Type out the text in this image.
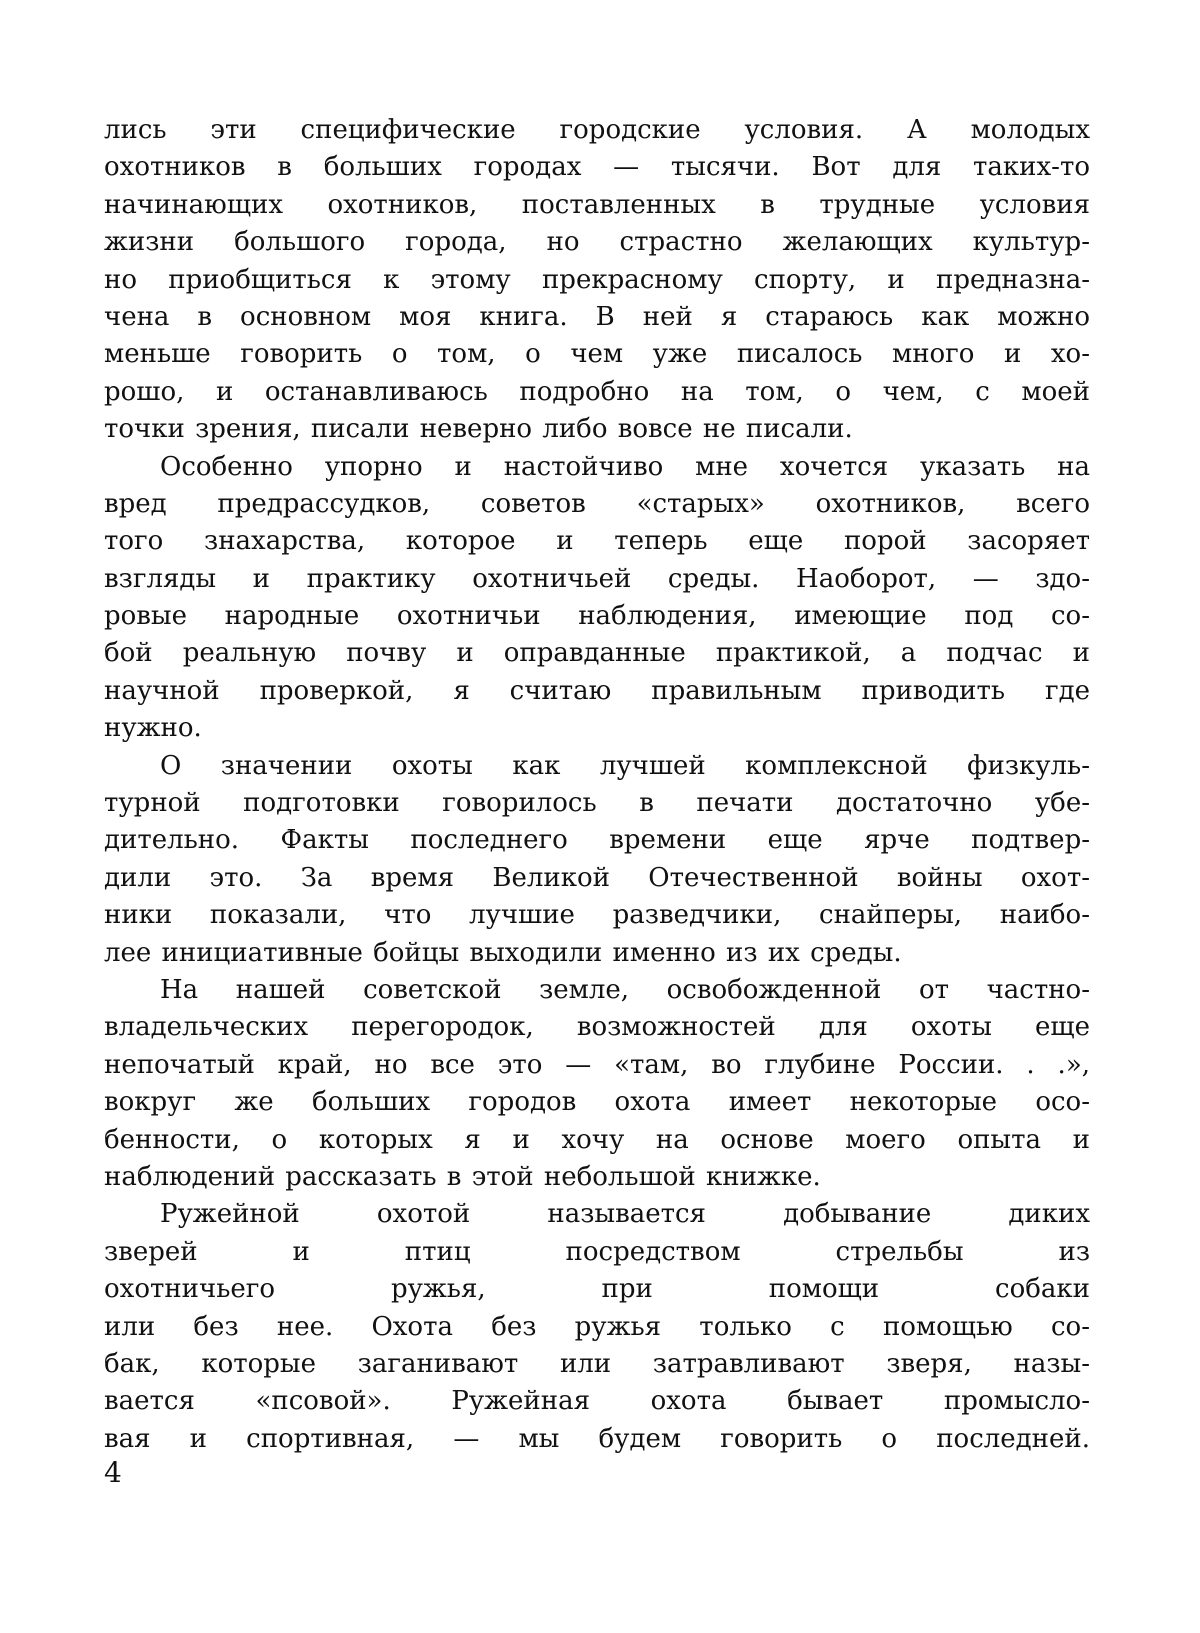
лись эти специфические городские условия. А молодых
охотников в больших городах — тысячи. Вот для таких-то
начинающих охотников, поставленных в трудные условия
жизни большого города, но страстно желающих культур-
но приобщиться к этому прекрасному спорту, и предназна-
чена в основном моя книга. В ней я стараюсь как можно
меньше говорить о том, о чем уже писалось много и хо-
рошо, и останавливаюсь подробно на том, о чем, с моей
точки зрения, писали неверно либо вовсе не писали.
Особенно упорно и настойчиво мне хочется указать на
вред предрассудков, советов «старых» охотников, всего
того знахарства, которое и теперь еще порой засоряет
взгляды и практику охотничьей среды. Наоборот, — здо-
ровые народные охотничьи наблюдения, имеющие под со-
бой реальную почву и оправданные практикой, а подчас и
научной проверкой, я считаю правильным приводить где
нужно.
О значении охоты как лучшей комплексной физкуль-
турной подготовки говорилось в печати достаточно убе-
дительно. Факты последнего времени еще ярче подтвер-
дили это. За время Великой Отечественной войны охот-
ники показали, что лучшие разведчики, снайперы, наибо-
лее инициативные бойцы выходили именно из их среды.
На нашей советской земле, освобожденной от частно-
владельческих перегородок, возможностей для охоты еще
непочатый край, но все это — «там, во глубине России. . .»,
вокруг же больших городов охота имеет некоторые осо-
бенности, о которых я и хочу на основе моего опыта и
наблюдений рассказать в этой небольшой книжке.
Ружейной охотой называется добывание диких
зверей и птиц посредством стрельбы из
охотничьего ружья, при помощи собаки
или без нее. Охота без ружья только с помощью со-
бак, которые заганивают или затравливают зверя, назы-
вается «псовой». Ружейная охота бывает промысло-
вая и спортивная, — мы будем говорить о последней.
4
